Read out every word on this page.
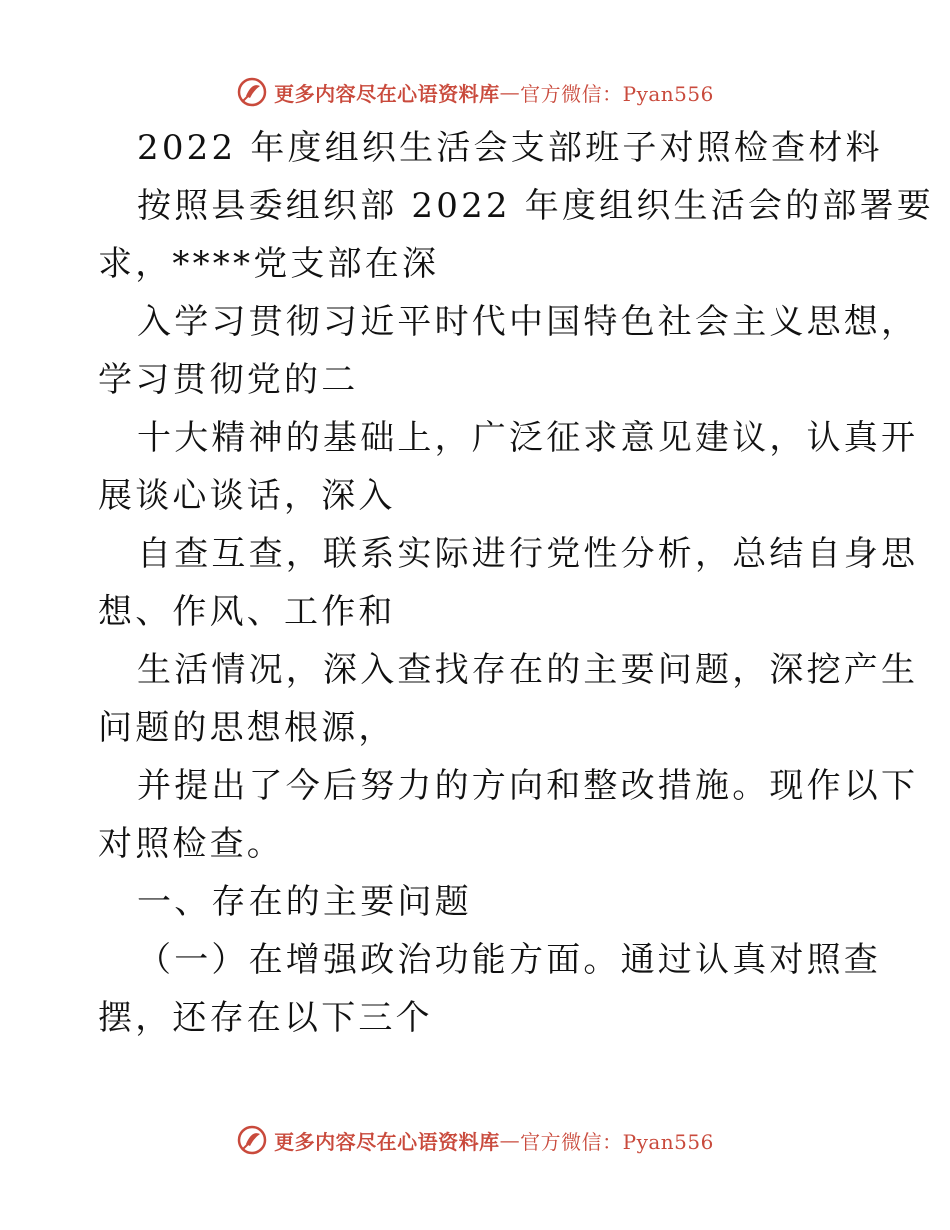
更多内容尽在心语资料库 — 官方微信：Pyan556
2022 年度组织生活会支部班子对照检查材料
按照县委组织部 2022 年度组织生活会的部署要
求，****党支部在深
入学习贯彻习近平时代中国特色社会主义思想，
学习贯彻党的二
十大精神的基础上，广泛征求意见建议，认真开
展谈心谈话，深入
自查互查，联系实际进行党性分析，总结自身思
想、作风、工作和
生活情况，深入查找存在的主要问题，深挖产生
问题的思想根源，
并提出了今后努力的方向和整改措施。现作以下
对照检查。
一、存在的主要问题
（一）在增强政治功能方面。通过认真对照查
摆，还存在以下三个
更多内容尽在心语资料库 — 官方微信：Pyan556
